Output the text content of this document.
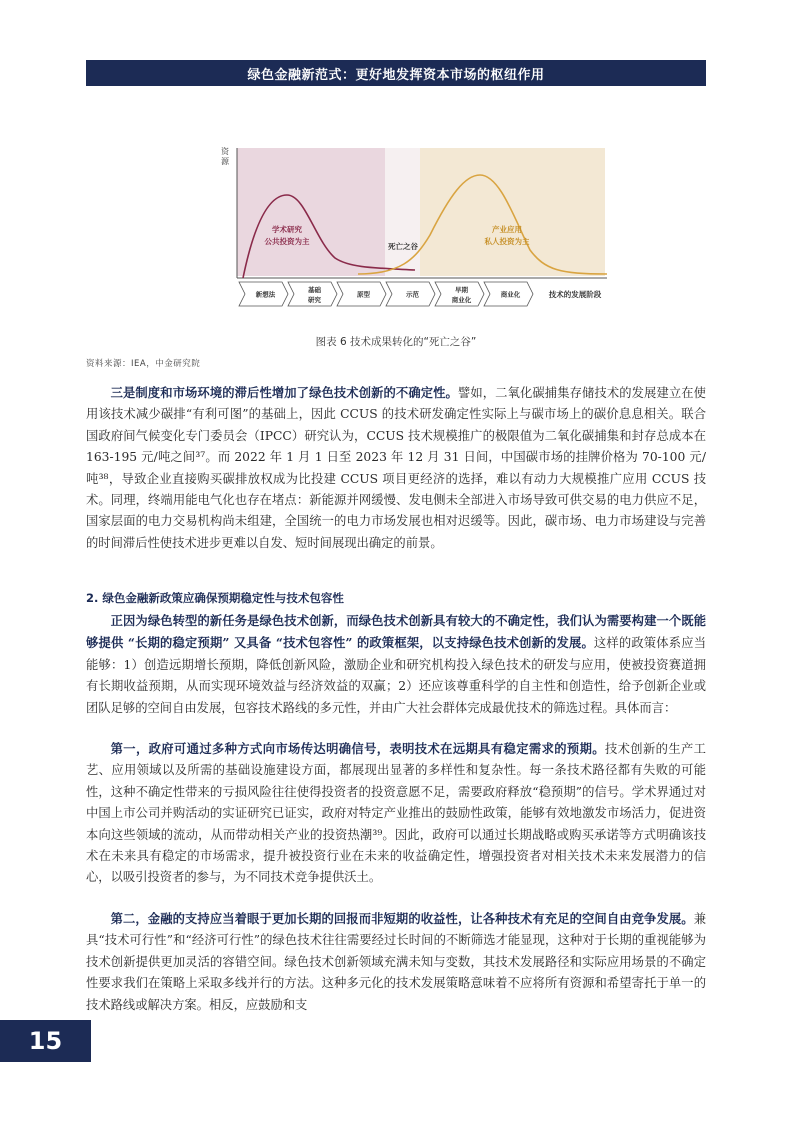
绿色金融新范式：更好地发挥资本市场的枢纽作用
资
源
学术研究
公共投资为主
死亡之谷
产业应用
私人投资为主
新想法
基础
研究
原型	示范
早期
商业化
商业化	技术的发展阶段
图表 6 技术成果转化的“死亡之谷”
资料来源：IEA，中金研究院

三是制度和市场环境的滞后性增加了绿色技术创新的不确定性。譬如，二氧化碳捕集存储技术的发展建立在使用该技术减少碳排“有利可图”的基础上，因此 CCUS 的技术研发确定性实际上与碳市场上的碳价息息相关。联合国政府间气候变化专门委员会（IPCC）研究认为，CCUS 技术规模推广的极限值为二氧化碳捕集和封存总成本在 163-195 元/吨之间³⁷。而 2022 年 1 月 1 日至 2023 年 12 月 31 日间，中国碳市场的挂牌价格为 70-100 元/吨³⁸，导致企业直接购买碳排放权成为比投建 CCUS 项目更经济的选择，难以有动力大规模推广应用 CCUS 技术。同理，终端用能电气化也存在堵点：新能源并网缓慢、发电侧未全部进入市场导致可供交易的电力供应不足，国家层面的电力交易机构尚未组建，全国统一的电力市场发展也相对迟缓等。因此，碳市场、电力市场建设与完善的时间滞后性使技术进步更难以自发、短时间展现出确定的前景。

2. 绿色金融新政策应确保预期稳定性与技术包容性

正因为绿色转型的新任务是绿色技术创新，而绿色技术创新具有较大的不确定性，我们认为需要构建一个既能够提供 “长期的稳定预期” 又具备 “技术包容性” 的政策框架，以支持绿色技术创新的发展。这样的政策体系应当能够：1）创造远期增长预期，降低创新风险，激励企业和研究机构投入绿色技术的研发与应用，使被投资赛道拥有长期收益预期，从而实现环境效益与经济效益的双赢；2）还应该尊重科学的自主性和创造性，给予创新企业或团队足够的空间自由发展，包容技术路线的多元性，并由广大社会群体完成最优技术的筛选过程。具体而言：

第一，政府可通过多种方式向市场传达明确信号，表明技术在远期具有稳定需求的预期。技术创新的生产工艺、应用领域以及所需的基础设施建设方面，都展现出显著的多样性和复杂性。每一条技术路径都有失败的可能性，这种不确定性带来的亏损风险往往使得投资者的投资意愿不足，需要政府释放“稳预期”的信号。学术界通过对中国上市公司并购活动的实证研究已证实，政府对特定产业推出的鼓励性政策，能够有效地激发市场活力，促进资本向这些领域的流动，从而带动相关产业的投资热潮³⁹。因此，政府可以通过长期战略或购买承诺等方式明确该技术在未来具有稳定的市场需求，提升被投资行业在未来的收益确定性，增强投资者对相关技术未来发展潜力的信心，以吸引投资者的参与，为不同技术竞争提供沃土。

第二，金融的支持应当着眼于更加长期的回报而非短期的收益性，让各种技术有充足的空间自由竞争发展。兼具“技术可行性”和“经济可行性”的绿色技术往往需要经过长时间的不断筛选才能显现，这种对于长期的重视能够为技术创新提供更加灵活的容错空间。绿色技术创新领域充满未知与变数，其技术发展路径和实际应用场景的不确定性要求我们在策略上采取多线并行的方法。这种多元化的技术发展策略意味着不应将所有资源和希望寄托于单一的技术路线或解决方案。相反，应鼓励和支

15
